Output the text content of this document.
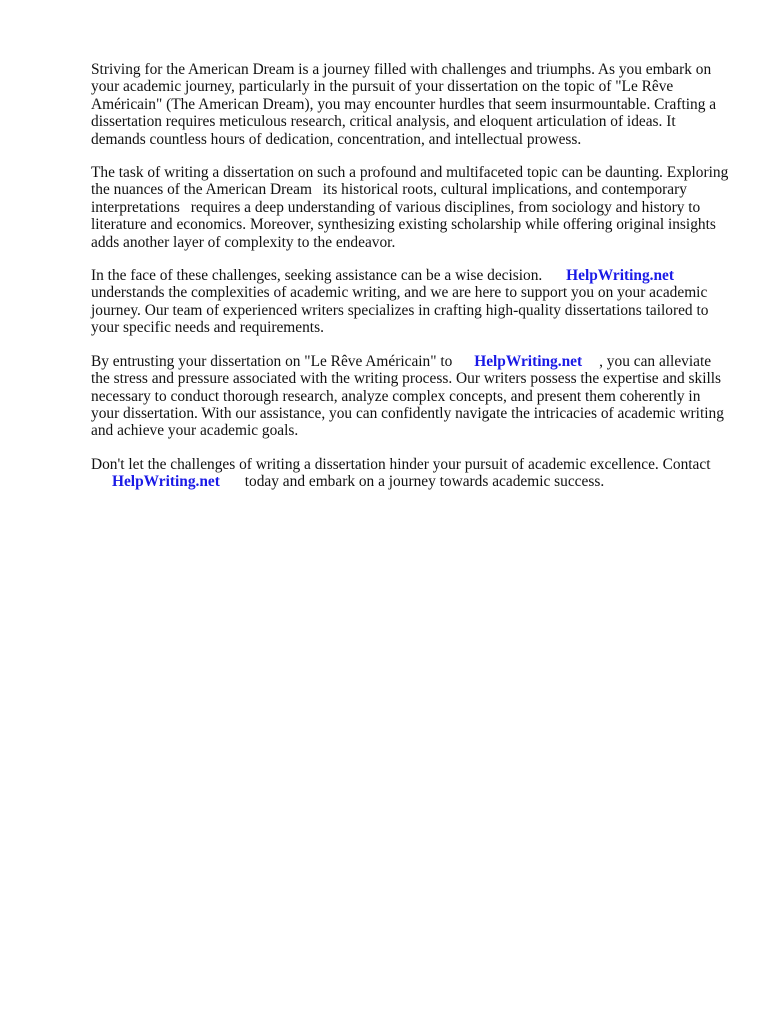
Striving for the American Dream is a journey filled with challenges and triumphs. As you embark on your academic journey, particularly in the pursuit of your dissertation on the topic of "Le Rêve Américain" (The American Dream), you may encounter hurdles that seem insurmountable. Crafting a dissertation requires meticulous research, critical analysis, and eloquent articulation of ideas. It demands countless hours of dedication, concentration, and intellectual prowess.

The task of writing a dissertation on such a profound and multifaceted topic can be daunting. Exploring the nuances of the American Dream its historical roots, cultural implications, and contemporary interpretations requires a deep understanding of various disciplines, from sociology and history to literature and economics. Moreover, synthesizing existing scholarship while offering original insights adds another layer of complexity to the endeavor.

In the face of these challenges, seeking assistance can be a wise decision. HelpWriting.net understands the complexities of academic writing, and we are here to support you on your academic journey. Our team of experienced writers specializes in crafting high-quality dissertations tailored to your specific needs and requirements.

By entrusting your dissertation on "Le Rêve Américain" to HelpWriting.net , you can alleviate the stress and pressure associated with the writing process. Our writers possess the expertise and skills necessary to conduct thorough research, analyze complex concepts, and present them coherently in your dissertation. With our assistance, you can confidently navigate the intricacies of academic writing and achieve your academic goals.

Don't let the challenges of writing a dissertation hinder your pursuit of academic excellence. Contact
HelpWriting.net today and embark on a journey towards academic success.
